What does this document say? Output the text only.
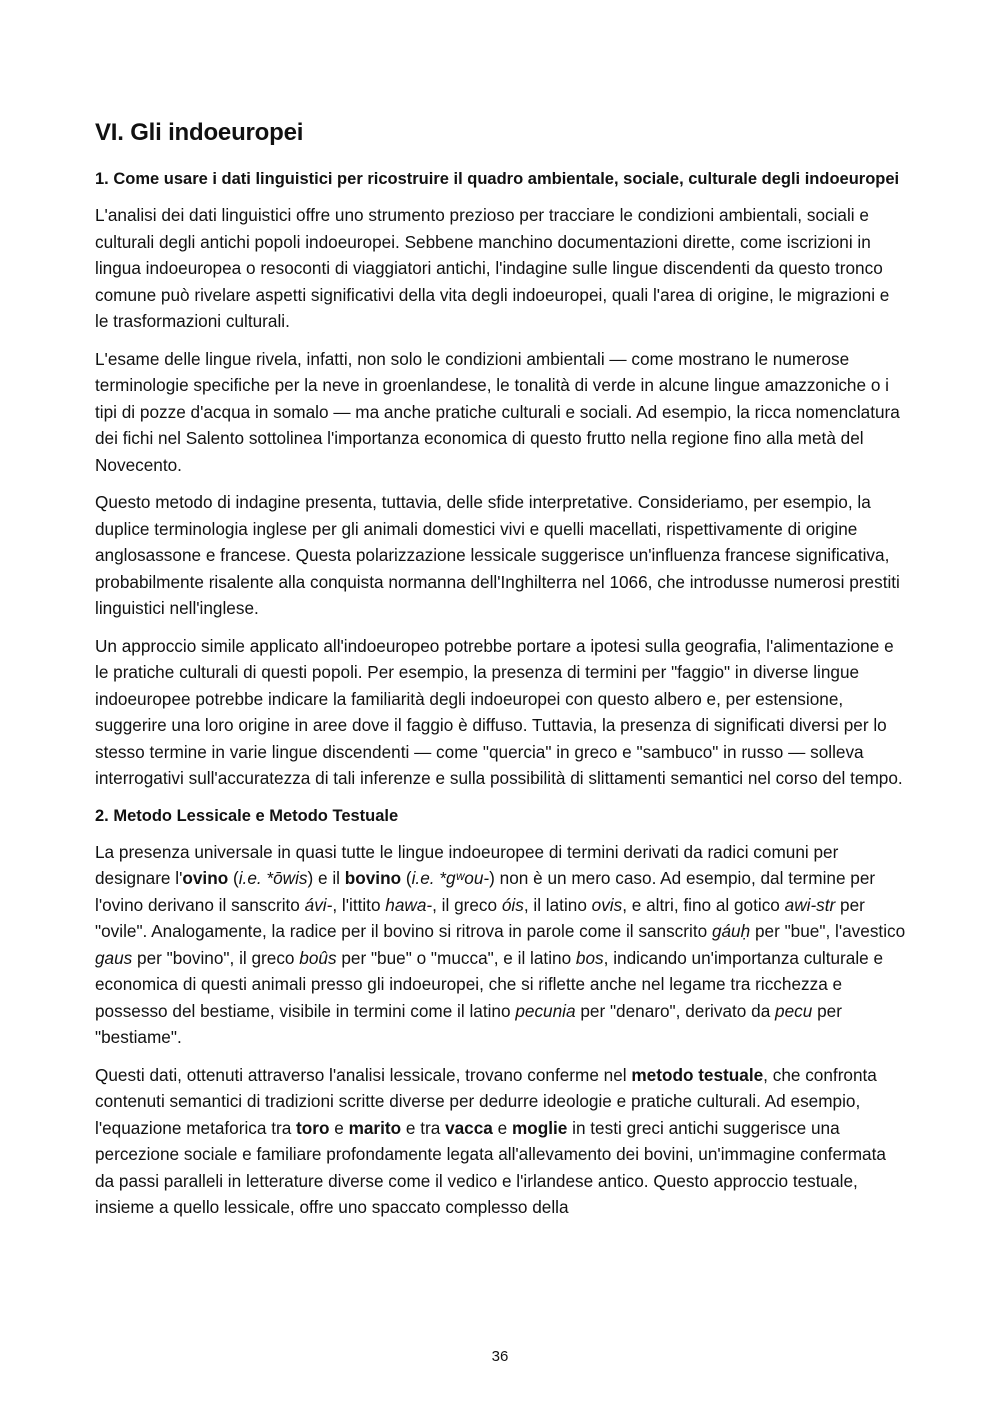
VI. Gli indoeuropei
1. Come usare i dati linguistici per ricostruire il quadro ambientale, sociale, culturale degli indoeuropei

L'analisi dei dati linguistici offre uno strumento prezioso per tracciare le condizioni ambientali, sociali e culturali degli antichi popoli indoeuropei. Sebbene manchino documentazioni dirette, come iscrizioni in lingua indoeuropea o resoconti di viaggiatori antichi, l'indagine sulle lingue discendenti da questo tronco comune può rivelare aspetti significativi della vita degli indoeuropei, quali l'area di origine, le migrazioni e le trasformazioni culturali.

L'esame delle lingue rivela, infatti, non solo le condizioni ambientali — come mostrano le numerose terminologie specifiche per la neve in groenlandese, le tonalità di verde in alcune lingue amazzoniche o i tipi di pozze d'acqua in somalo — ma anche pratiche culturali e sociali. Ad esempio, la ricca nomenclatura dei fichi nel Salento sottolinea l'importanza economica di questo frutto nella regione fino alla metà del Novecento.

Questo metodo di indagine presenta, tuttavia, delle sfide interpretative. Consideriamo, per esempio, la duplice terminologia inglese per gli animali domestici vivi e quelli macellati, rispettivamente di origine anglosassone e francese. Questa polarizzazione lessicale suggerisce un'influenza francese significativa, probabilmente risalente alla conquista normanna dell'Inghilterra nel 1066, che introdusse numerosi prestiti linguistici nell'inglese.

Un approccio simile applicato all'indoeuropeo potrebbe portare a ipotesi sulla geografia, l'alimentazione e le pratiche culturali di questi popoli. Per esempio, la presenza di termini per "faggio" in diverse lingue indoeuropee potrebbe indicare la familiarità degli indoeuropei con questo albero e, per estensione, suggerire una loro origine in aree dove il faggio è diffuso. Tuttavia, la presenza di significati diversi per lo stesso termine in varie lingue discendenti — come "quercia" in greco e "sambuco" in russo — solleva interrogativi sull'accuratezza di tali inferenze e sulla possibilità di slittamenti semantici nel corso del tempo.

2. Metodo Lessicale e Metodo Testuale

La presenza universale in quasi tutte le lingue indoeuropee di termini derivati da radici comuni per designare l'ovino (i.e. *ōwis) e il bovino (i.e. *gʷou-) non è un mero caso. Ad esempio, dal termine per l'ovino derivano il sanscrito ávi-, l'ittito hawa-, il greco óis, il latino ovis, e altri, fino al gotico awi-str per "ovile". Analogamente, la radice per il bovino si ritrova in parole come il sanscrito gáuḥ per "bue", l'avestico gaus per "bovino", il greco boûs per "bue" o "mucca", e il latino bos, indicando un'importanza culturale e economica di questi animali presso gli indoeuropei, che si riflette anche nel legame tra ricchezza e possesso del bestiame, visibile in termini come il latino pecunia per "denaro", derivato da pecu per "bestiame".

Questi dati, ottenuti attraverso l'analisi lessicale, trovano conferme nel metodo testuale, che confronta contenuti semantici di tradizioni scritte diverse per dedurre ideologie e pratiche culturali. Ad esempio, l'equazione metaforica tra toro e marito e tra vacca e moglie in testi greci antichi suggerisce una percezione sociale e familiare profondamente legata all'allevamento dei bovini, un'immagine confermata da passi paralleli in letterature diverse come il vedico e l'irlandese antico. Questo approccio testuale, insieme a quello lessicale, offre uno spaccato complesso della

36
